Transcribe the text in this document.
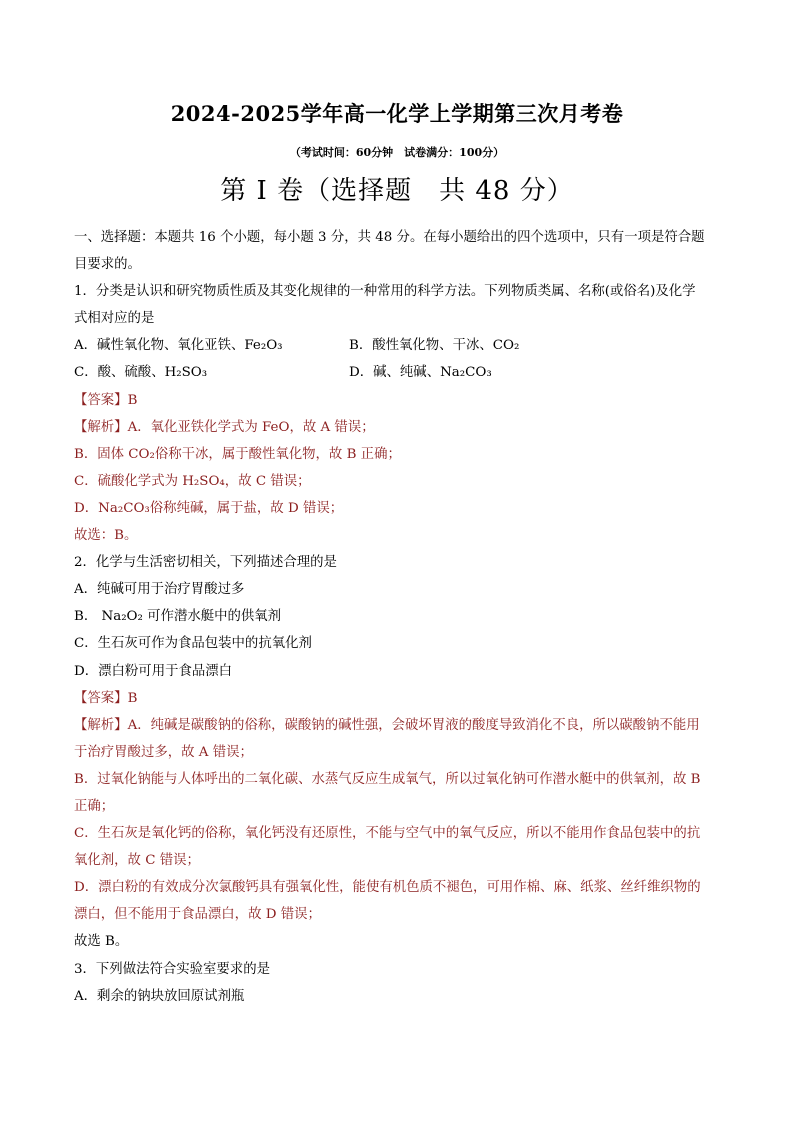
2024-2025学年高一化学上学期第三次月考卷
（考试时间：60分钟　试卷满分：100分）
第 I 卷（选择题　共 48 分）
一、选择题：本题共 16 个小题，每小题 3 分，共 48 分。在每小题给出的四个选项中，只有一项是符合题
目要求的。
1．分类是认识和研究物质性质及其变化规律的一种常用的科学方法。下列物质类属、名称(或俗名)及化学
式相对应的是
A．碱性氧化物、氧化亚铁、Fe₂O₃	B．酸性氧化物、干冰、CO₂
C．酸、硫酸、H₂SO₃	D．碱、纯碱、Na₂CO₃
【答案】B
【解析】A．氧化亚铁化学式为 FeO，故 A 错误；
B．固体 CO₂俗称干冰，属于酸性氧化物，故 B 正确；
C．硫酸化学式为 H₂SO₄，故 C 错误；
D．Na₂CO₃俗称纯碱，属于盐，故 D 错误；
故选：B。
2．化学与生活密切相关，下列描述合理的是
A．纯碱可用于治疗胃酸过多
B． Na₂O₂ 可作潜水艇中的供氧剂
C．生石灰可作为食品包装中的抗氧化剂
D．漂白粉可用于食品漂白
【答案】B
【解析】A．纯碱是碳酸钠的俗称，碳酸钠的碱性强，会破坏胃液的酸度导致消化不良，所以碳酸钠不能用
于治疗胃酸过多，故 A 错误；
B．过氧化钠能与人体呼出的二氧化碳、水蒸气反应生成氧气，所以过氧化钠可作潜水艇中的供氧剂，故 B
正确；
C．生石灰是氧化钙的俗称，氧化钙没有还原性，不能与空气中的氧气反应，所以不能用作食品包装中的抗
氧化剂，故 C 错误；
D．漂白粉的有效成分次氯酸钙具有强氧化性，能使有机色质不褪色，可用作棉、麻、纸浆、丝纤维织物的
漂白，但不能用于食品漂白，故 D 错误；
故选 B。
3．下列做法符合实验室要求的是
A．剩余的钠块放回原试剂瓶
